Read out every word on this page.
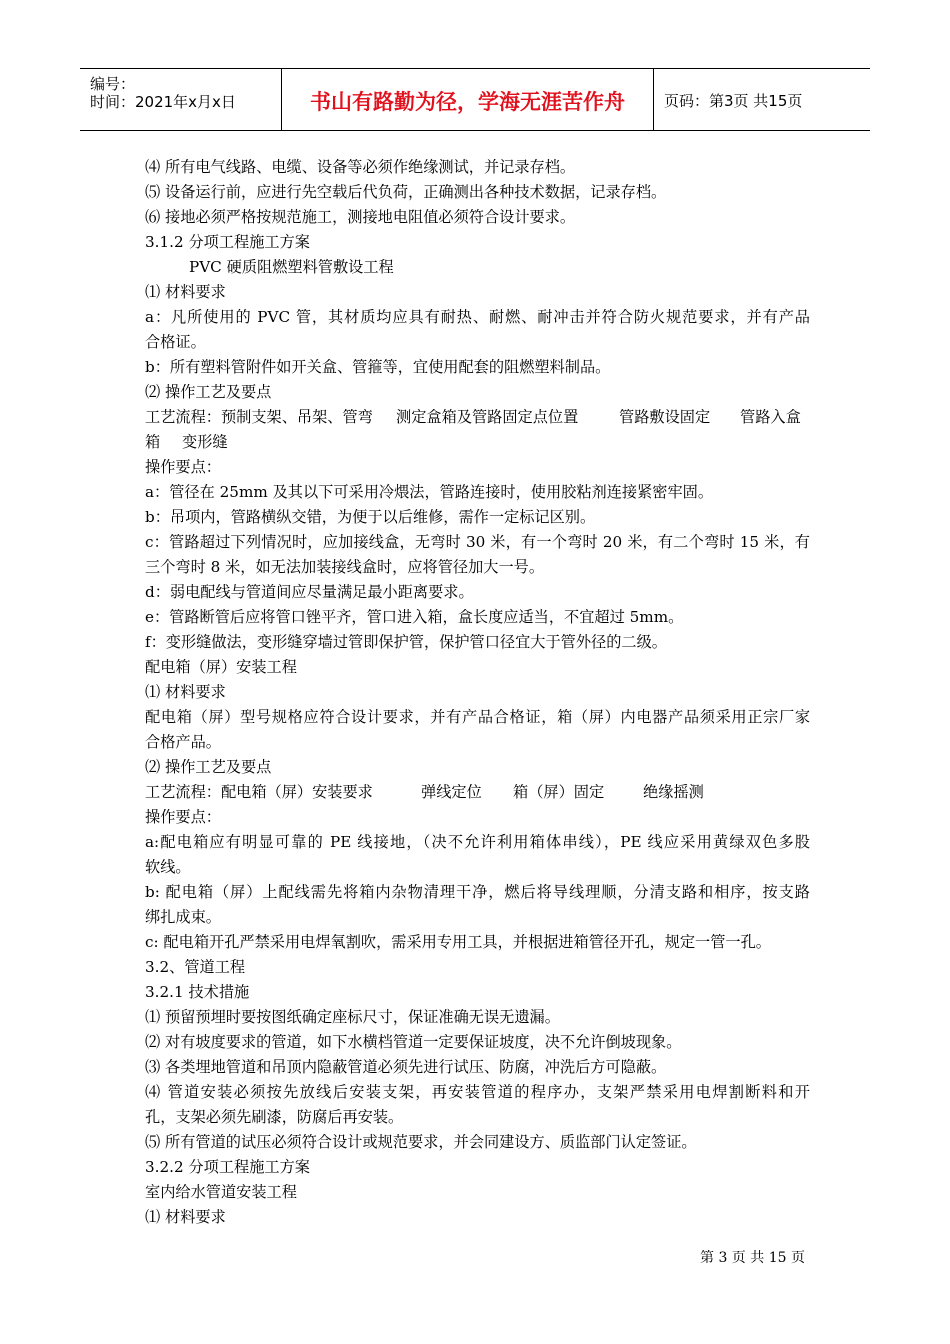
编号：
时间：2021年x月x日	书山有路勤为径，学海无涯苦作舟	页码：第3页 共15页

⑷ 所有电气线路、电缆、设备等必须作绝缘测试，并记录存档。

⑸ 设备运行前，应进行先空载后代负荷，正确测出各种技术数据，记录存档。

⑹ 接地必须严格按规范施工，测接地电阻值必须符合设计要求。

3.1.2 分项工程施工方案

PVC 硬质阻燃塑料管敷设工程

⑴ 材料要求

a：凡所使用的 PVC 管，其材质均应具有耐热、耐燃、耐冲击并符合防火规范要求，并有产品

合格证。

b：所有塑料管附件如开关盒、管箍等，宜使用配套的阻燃塑料制品。

⑵ 操作工艺及要点

工艺流程：预制支架、吊架、管弯 测定盒箱及管路固定点位置	管路敷设固定 管路入盒
箱 变形缝

操作要点：

a：管径在 25mm 及其以下可采用冷煨法，管路连接时，使用胶粘剂连接紧密牢固。

b：吊项内，管路横纵交错，为便于以后维修，需作一定标记区别。

c：管路超过下列情况时，应加接线盒，无弯时 30 米，有一个弯时 20 米，有二个弯时 15 米，有

三个弯时 8 米，如无法加装接线盒时，应将管径加大一号。

d：弱电配线与管道间应尽量满足最小距离要求。

e：管路断管后应将管口锉平齐，管口进入箱，盒长度应适当，不宜超过 5mm。

f：变形缝做法，变形缝穿墙过管即保护管，保护管口径宜大于管外径的二级。

配电箱（屏）安装工程

⑴ 材料要求

配电箱（屏）型号规格应符合设计要求，并有产品合格证，箱（屏）内电器产品须采用正宗厂家

合格产品。

⑵ 操作工艺及要点

工艺流程：配电箱（屏）安装要求	弹线定位 箱（屏）固定	绝缘摇测

操作要点：

a:配电箱应有明显可靠的 PE 线接地，（决不允许利用箱体串线），PE 线应采用黄绿双色多股

软线。

b: 配电箱（屏）上配线需先将箱内杂物清理干净，燃后将导线理顺，分清支路和相序，按支路

绑扎成束。

c: 配电箱开孔严禁采用电焊氧割吹，需采用专用工具，并根据进箱管径开孔，规定一管一孔。

3.2、管道工程

3.2.1 技术措施

⑴ 预留预埋时要按图纸确定座标尺寸，保证准确无误无遗漏。

⑵ 对有坡度要求的管道，如下水横档管道一定要保证坡度，决不允许倒坡现象。

⑶ 各类埋地管道和吊顶内隐蔽管道必须先进行试压、防腐，冲洗后方可隐蔽。

⑷ 管道安装必须按先放线后安装支架，再安装管道的程序办，支架严禁采用电焊割断料和开

孔，支架必须先刷漆，防腐后再安装。

⑸ 所有管道的试压必须符合设计或规范要求，并会同建设方、质监部门认定签证。

3.2.2 分项工程施工方案

室内给水管道安装工程

⑴ 材料要求

第 3 页 共 15 页
